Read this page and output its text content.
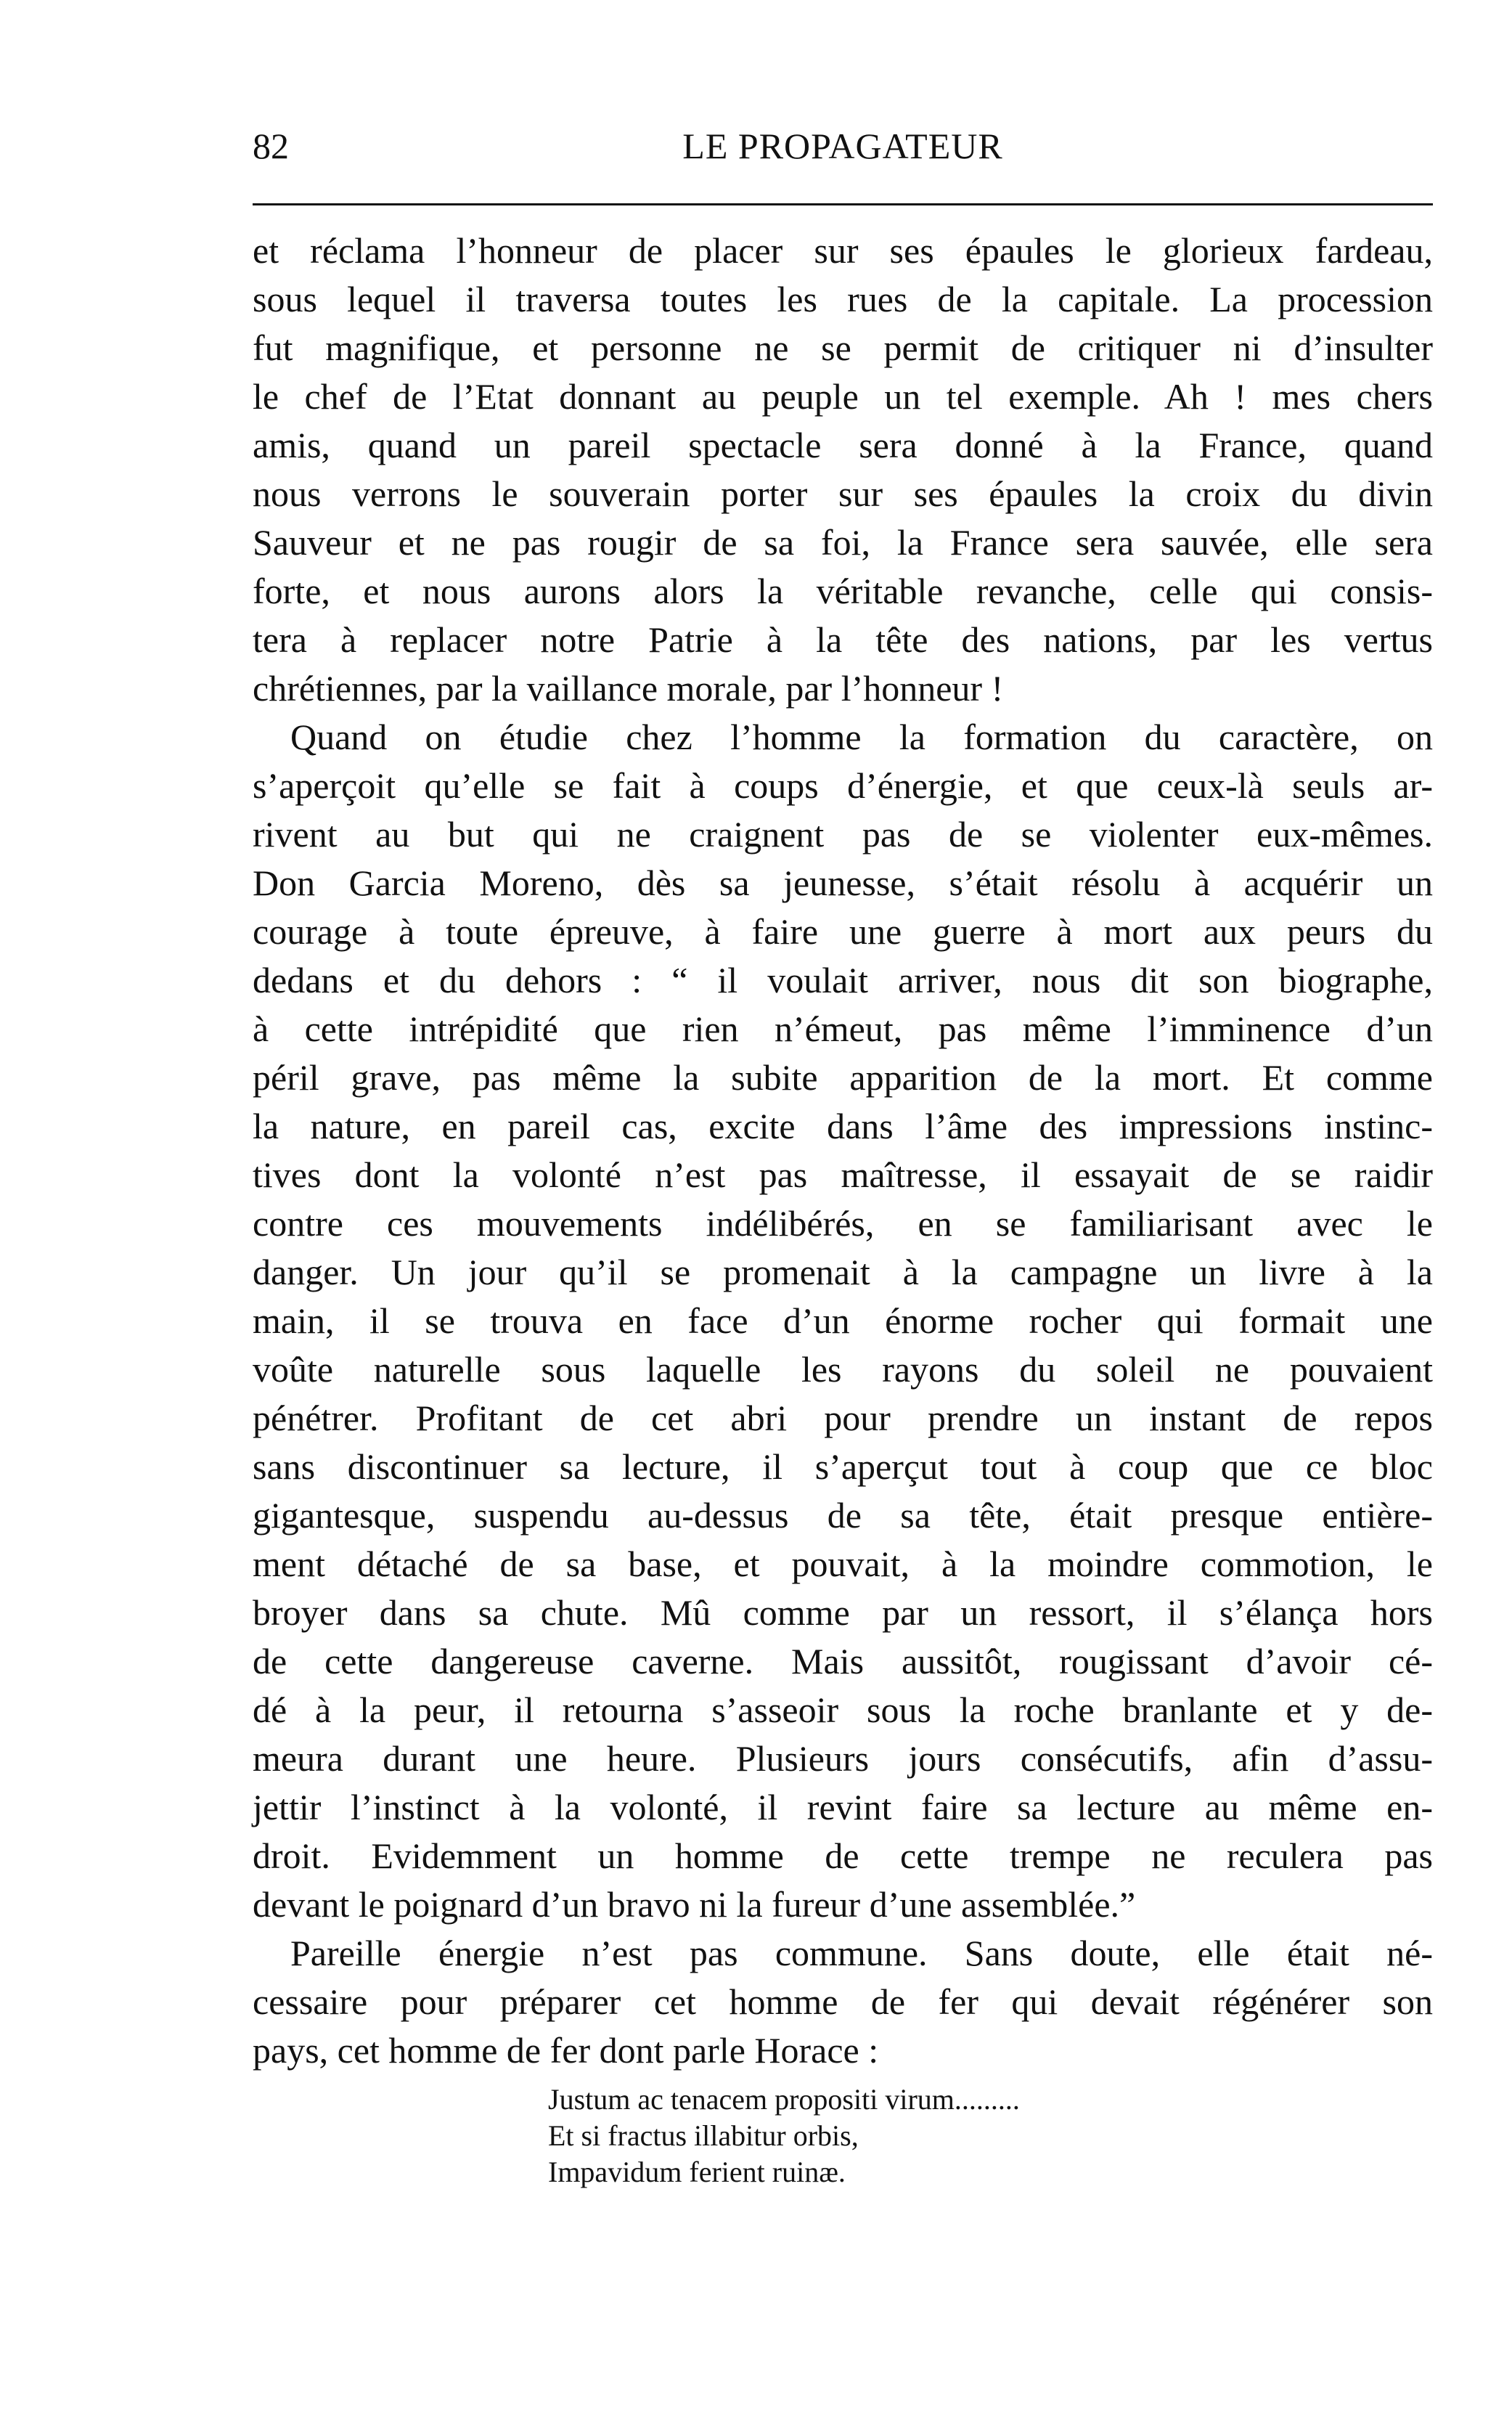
82	LE PROPAGATEUR
et réclama l’honneur de placer sur ses épaules le glorieux fardeau,
sous lequel il traversa toutes les rues de la capitale. La procession
fut magnifique, et personne ne se permit de critiquer ni d’insulter
le chef de l’Etat donnant au peuple un tel exemple. Ah ! mes chers
amis, quand un pareil spectacle sera donné à la France, quand
nous verrons le souverain porter sur ses épaules la croix du divin
Sauveur et ne pas rougir de sa foi, la France sera sauvée, elle sera
forte, et nous aurons alors la véritable revanche, celle qui consis-
tera à replacer notre Patrie à la tête des nations, par les vertus
chrétiennes, par la vaillance morale, par l’honneur !
Quand on étudie chez l’homme la formation du caractère, on
s’aperçoit qu’elle se fait à coups d’énergie, et que ceux-là seuls ar-
rivent au but qui ne craignent pas de se violenter eux-mêmes.
Don Garcia Moreno, dès sa jeunesse, s’était résolu à acquérir un
courage à toute épreuve, à faire une guerre à mort aux peurs du
dedans et du dehors : “ il voulait arriver, nous dit son biographe,
à cette intrépidité que rien n’émeut, pas même l’imminence d’un
péril grave, pas même la subite apparition de la mort. Et comme
la nature, en pareil cas, excite dans l’âme des impressions instinc-
tives dont la volonté n’est pas maîtresse, il essayait de se raidir
contre ces mouvements indélibérés, en se familiarisant avec le
danger. Un jour qu’il se promenait à la campagne un livre à la
main, il se trouva en face d’un énorme rocher qui formait une
voûte naturelle sous laquelle les rayons du soleil ne pouvaient
pénétrer. Profitant de cet abri pour prendre un instant de repos
sans discontinuer sa lecture, il s’aperçut tout à coup que ce bloc
gigantesque, suspendu au-dessus de sa tête, était presque entière-
ment détaché de sa base, et pouvait, à la moindre commotion, le
broyer dans sa chute. Mû comme par un ressort, il s’élança hors
de cette dangereuse caverne. Mais aussitôt, rougissant d’avoir cé-
dé à la peur, il retourna s’asseoir sous la roche branlante et y de-
meura durant une heure. Plusieurs jours consécutifs, afin d’assu-
jettir l’instinct à la volonté, il revint faire sa lecture au même en-
droit. Evidemment un homme de cette trempe ne reculera pas
devant le poignard d’un bravo ni la fureur d’une assemblée.”
Pareille énergie n’est pas commune. Sans doute, elle était né-
cessaire pour préparer cet homme de fer qui devait régénérer son
pays, cet homme de fer dont parle Horace :
Justum ac tenacem propositi virum.........
Et si fractus illabitur orbis,
Impavidum ferient ruinæ.
